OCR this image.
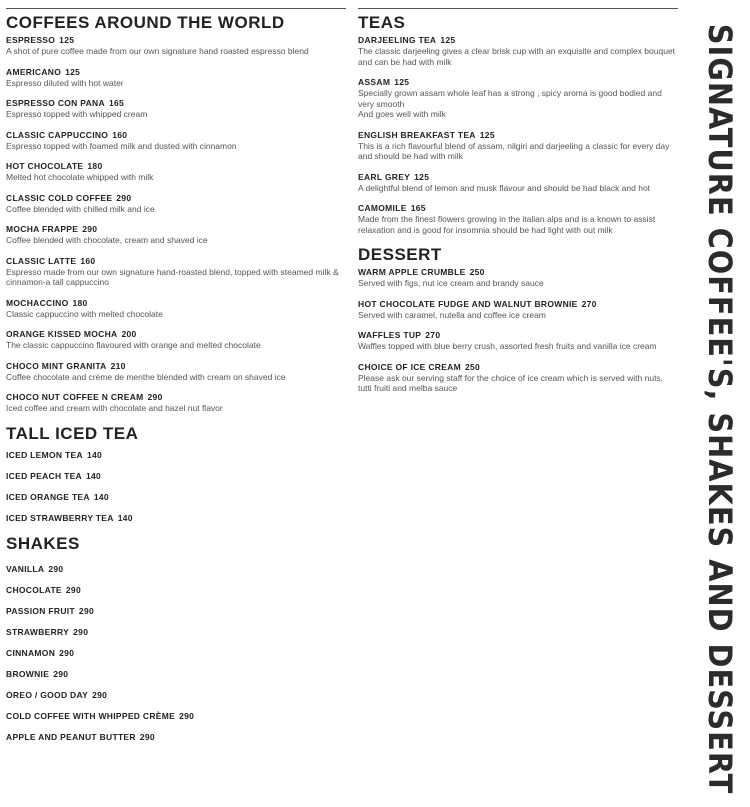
COFFEES AROUND THE WORLD
ESPRESSO 125
A shot of pure coffee made from our own signature hand roasted espresso blend
AMERICANO 125
Espresso diluted with hot water
ESPRESSO CON PANA 165
Espresso topped with whipped cream
CLASSIC CAPPUCCINO 160
Espresso topped with foamed milk and dusted with cinnamon
HOT CHOCOLATE 180
Melted hot chocolate whipped with milk
CLASSIC COLD COFFEE 290
Coffee blended with chilled milk and ice
MOCHA FRAPPE 290
Coffee blended with chocolate, cream and shaved ice
CLASSIC LATTE 160
Espresso made from our own signature hand-roasted blend, topped with steamed milk & cinnamon-a tall cappuccino
MOCHACCINO 180
Classic cappuccino with melted chocolate
ORANGE KISSED MOCHA 200
The classic cappuccino flavoured with orange and melted chocolate
CHOCO MINT GRANITA 210
Coffee chocolate and crème de menthe blended with cream on shaved ice
CHOCO NUT COFFEE N CREAM 290
Iced coffee and cream with chocolate and hazel nut flavor
TALL ICED TEA
ICED LEMON TEA 140
ICED PEACH TEA 140
ICED ORANGE TEA 140
ICED STRAWBERRY TEA 140
SHAKES
VANILLA 290
CHOCOLATE 290
PASSION FRUIT 290
STRAWBERRY 290
CINNAMON 290
BROWNIE 290
OREO / GOOD DAY 290
COLD COFFEE WITH WHIPPED CRÈME 290
APPLE AND PEANUT BUTTER 290
TEAS
DARJEELING TEA 125
The classic darjeeling gives a clear brisk cup with an exquisite and complex bouquet and can be had with milk
ASSAM 125
Specially grown assam whole leaf has a strong , spicy aroma is good bodied and very smooth
And goes well with milk
ENGLISH BREAKFAST TEA 125
This is a rich flavourful blend of assam, nilgiri and darjeeling a classic for every day and should be had with milk
EARL GREY 125
A delightful blend of lemon and musk flavour and should be had black and hot
CAMOMILE 165
Made from the finest flowers growing in the italian alps and is a known to assist relaxation and is good for insomnia should be had light with out milk
DESSERT
WARM APPLE CRUMBLE 250
Served with figs, nut ice cream and brandy sauce
HOT CHOCOLATE FUDGE AND WALNUT BROWNIE 270
Served with caramel, nutella and coffee ice cream
WAFFLES TUP 270
Waffles topped with blue berry crush, assorted fresh fruits and vanilla ice cream
CHOICE OF ICE CREAM 250
Please ask our serving staff for the choice of ice cream which is served with nuts, tutti fruiti and melba sauce	SIGNATURE COFFEE'S, SHAKES AND DESSERT
